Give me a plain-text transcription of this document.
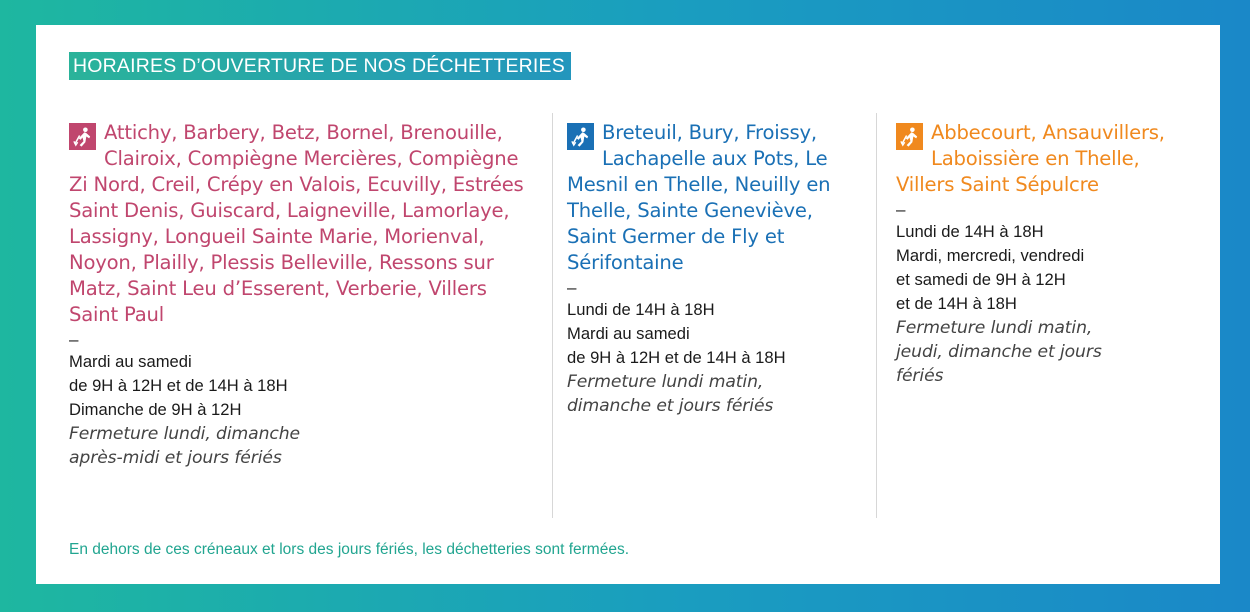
HORAIRES D’OUVERTURE DE NOS DÉCHETTERIES
Attichy, Barbery, Betz, Bornel, Brenouille, Clairoix, Compiègne Mercières, Compiègne Zi Nord, Creil, Crépy en Valois, Ecuvilly, Estrées Saint Denis, Guiscard, Laigneville, Lamorlaye, Lassigny, Longueil Sainte Marie, Morienval, Noyon, Plailly, Plessis Belleville, Ressons sur Matz, Saint Leu d’Esserent, Verberie, Villers Saint Paul
–
Mardi au samedi
de 9H à 12H et de 14H à 18H
Dimanche de 9H à 12H
Fermeture lundi, dimanche
après-midi et jours fériés
Breteuil, Bury, Froissy, Lachapelle aux Pots, Le Mesnil en Thelle, Neuilly en Thelle, Sainte Geneviève, Saint Germer de Fly et Sérifontaine
–
Lundi de 14H à 18H
Mardi au samedi
de 9H à 12H et de 14H à 18H
Fermeture lundi matin,
dimanche et jours fériés
Abbecourt, Ansauvillers, Laboissière en Thelle, Villers Saint Sépulcre
–
Lundi de 14H à 18H
Mardi, mercredi, vendredi
et samedi de 9H à 12H
et de 14H à 18H
Fermeture lundi matin,
jeudi, dimanche et jours
fériés
En dehors de ces créneaux et lors des jours fériés, les déchetteries sont fermées.
